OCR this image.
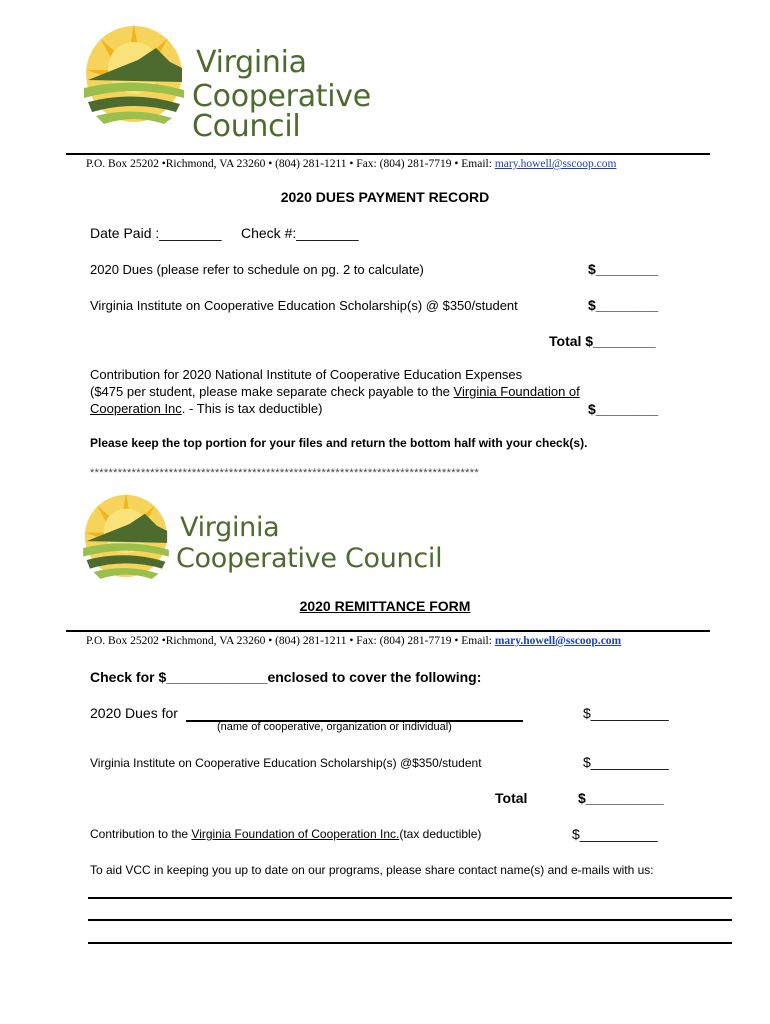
Virginia
Cooperative Council
P.O. Box 25202 •Richmond, VA 23260 • (804) 281-1211 • Fax: (804) 281-7719 • Email: mary.howell@sscoop.com
2020 DUES PAYMENT RECORD
Date Paid :________ Check #:________
2020 Dues (please refer to schedule on pg. 2 to calculate)	$________
Virginia Institute on Cooperative Education Scholarship(s) @ $350/student	$________
Total $________
Contribution for 2020 National Institute of Cooperative Education Expenses
($475 per student, please make separate check payable to the Virginia Foundation of
Cooperation Inc. - This is tax deductible)	$________
Please keep the top portion for your files and return the bottom half with your check(s).
************************************************************************************
Virginia
Cooperative Council
2020 REMITTANCE FORM
P.O. Box 25202 •Richmond, VA 23260 • (804) 281-1211 • Fax: (804) 281-7719 • Email: mary.howell@sscoop.com
Check for $_____________enclosed to cover the following:
2020 Dues for	$__________
(name of cooperative, organization or individual)
Virginia Institute on Cooperative Education Scholarship(s) @$350/student	$__________
Total	$__________
Contribution to the Virginia Foundation of Cooperation Inc.(tax deductible)	$__________
To aid VCC in keeping you up to date on our programs, please share contact name(s) and e-mails with us:
